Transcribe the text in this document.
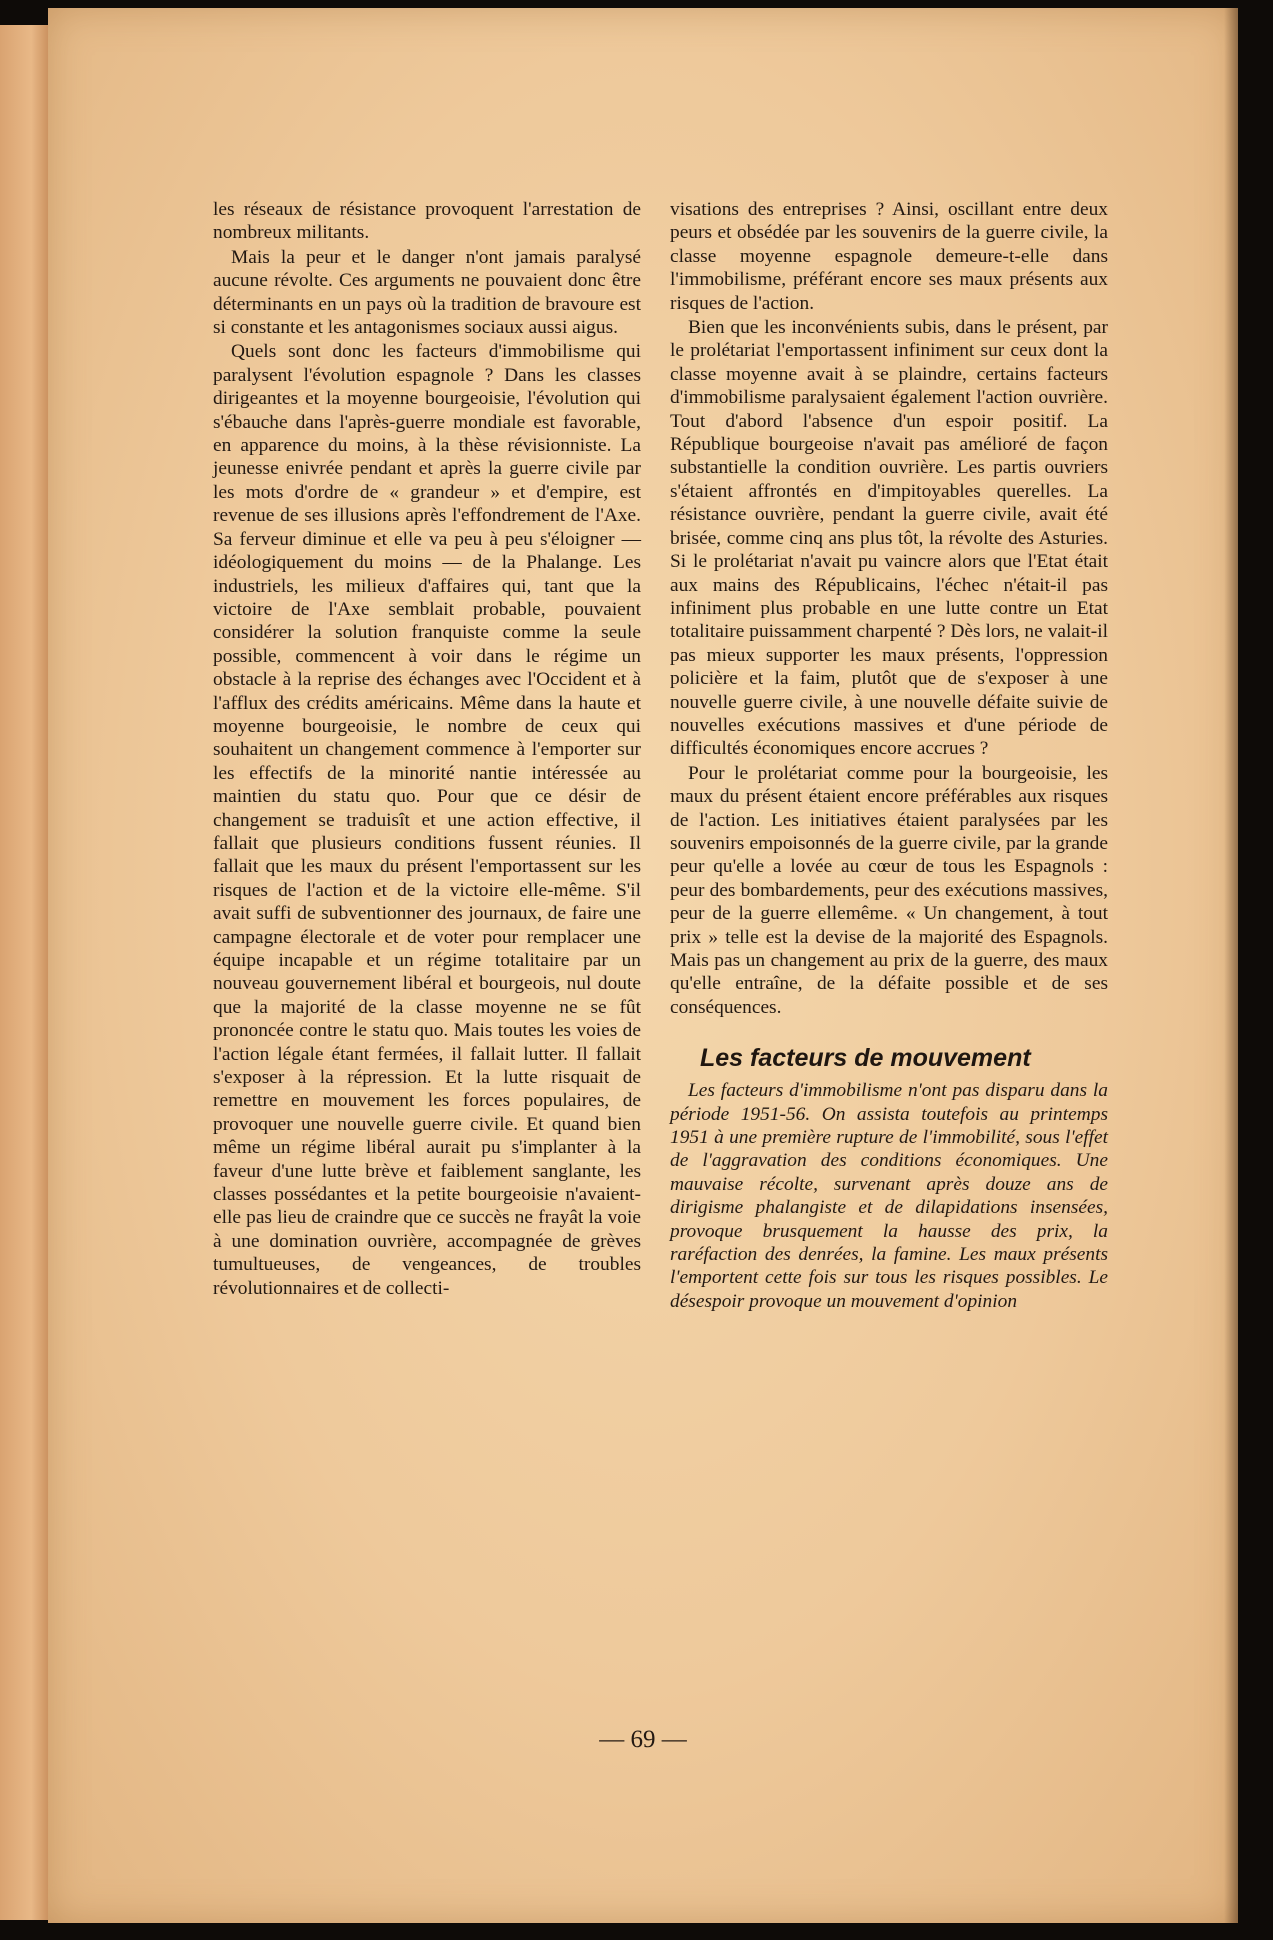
les réseaux de résistance provoquent l'arrestation de nombreux militants.

Mais la peur et le danger n'ont jamais paralysé aucune révolte. Ces arguments ne pouvaient donc être déterminants en un pays où la tradition de bravoure est si constante et les antagonismes sociaux aussi aigus.

Quels sont donc les facteurs d'immobilisme qui paralysent l'évolution espagnole ? Dans les classes dirigeantes et la moyenne bourgeoisie, l'évolution qui s'ébauche dans l'après-guerre mondiale est favorable, en apparence du moins, à la thèse révisionniste. La jeunesse enivrée pendant et après la guerre civile par les mots d'ordre de « grandeur » et d'empire, est revenue de ses illusions après l'effondrement de l'Axe. Sa ferveur diminue et elle va peu à peu s'éloigner — idéologiquement du moins — de la Phalange. Les industriels, les milieux d'affaires qui, tant que la victoire de l'Axe semblait probable, pouvaient considérer la solution franquiste comme la seule possible, commencent à voir dans le régime un obstacle à la reprise des échanges avec l'Occident et à l'afflux des crédits américains. Même dans la haute et moyenne bourgeoisie, le nombre de ceux qui souhaitent un changement commence à l'emporter sur les effectifs de la minorité nantie intéressée au maintien du statu quo. Pour que ce désir de changement se traduisît et une action effective, il fallait que plusieurs conditions fussent réunies. Il fallait que les maux du présent l'emportassent sur les risques de l'action et de la victoire elle-même. S'il avait suffi de subventionner des journaux, de faire une campagne électorale et de voter pour remplacer une équipe incapable et un régime totalitaire par un nouveau gouvernement libéral et bourgeois, nul doute que la majorité de la classe moyenne ne se fût prononcée contre le statu quo. Mais toutes les voies de l'action légale étant fermées, il fallait lutter. Il fallait s'exposer à la répression. Et la lutte risquait de remettre en mouvement les forces populaires, de provoquer une nouvelle guerre civile. Et quand bien même un régime libéral aurait pu s'implanter à la faveur d'une lutte brève et faiblement sanglante, les classes possédantes et la petite bourgeoisie n'avaient-elle pas lieu de craindre que ce succès ne frayât la voie à une domination ouvrière, accompagnée de grèves tumultueuses, de vengeances, de troubles révolutionnaires et de collecti-

visations des entreprises ? Ainsi, oscillant entre deux peurs et obsédée par les souvenirs de la guerre civile, la classe moyenne espagnole demeure-t-elle dans l'immobilisme, préférant encore ses maux présents aux risques de l'action.

Bien que les inconvénients subis, dans le présent, par le prolétariat l'emportassent infiniment sur ceux dont la classe moyenne avait à se plaindre, certains facteurs d'immobilisme paralysaient également l'action ouvrière. Tout d'abord l'absence d'un espoir positif. La République bourgeoise n'avait pas amélioré de façon substantielle la condition ouvrière. Les partis ouvriers s'étaient affrontés en d'impitoyables querelles. La résistance ouvrière, pendant la guerre civile, avait été brisée, comme cinq ans plus tôt, la révolte des Asturies. Si le prolétariat n'avait pu vaincre alors que l'Etat était aux mains des Républicains, l'échec n'était-il pas infiniment plus probable en une lutte contre un Etat totalitaire puissamment charpenté ? Dès lors, ne valait-il pas mieux supporter les maux présents, l'oppression policière et la faim, plutôt que de s'exposer à une nouvelle guerre civile, à une nouvelle défaite suivie de nouvelles exécutions massives et d'une période de difficultés économiques encore accrues ?

Pour le prolétariat comme pour la bourgeoisie, les maux du présent étaient encore préférables aux risques de l'action. Les initiatives étaient paralysées par les souvenirs empoisonnés de la guerre civile, par la grande peur qu'elle a lovée au cœur de tous les Espagnols : peur des bombardements, peur des exécutions massives, peur de la guerre ellemême. « Un changement, à tout prix » telle est la devise de la majorité des Espagnols. Mais pas un changement au prix de la guerre, des maux qu'elle entraîne, de la défaite possible et de ses conséquences.

Les facteurs de mouvement

Les facteurs d'immobilisme n'ont pas disparu dans la période 1951-56. On assista toutefois au printemps 1951 à une première rupture de l'immobilité, sous l'effet de l'aggravation des conditions économiques. Une mauvaise récolte, survenant après douze ans de dirigisme phalangiste et de dilapidations insensées, provoque brusquement la hausse des prix, la raréfaction des denrées, la famine. Les maux présents l'emportent cette fois sur tous les risques possibles. Le désespoir provoque un mouvement d'opinion

— 69 —
